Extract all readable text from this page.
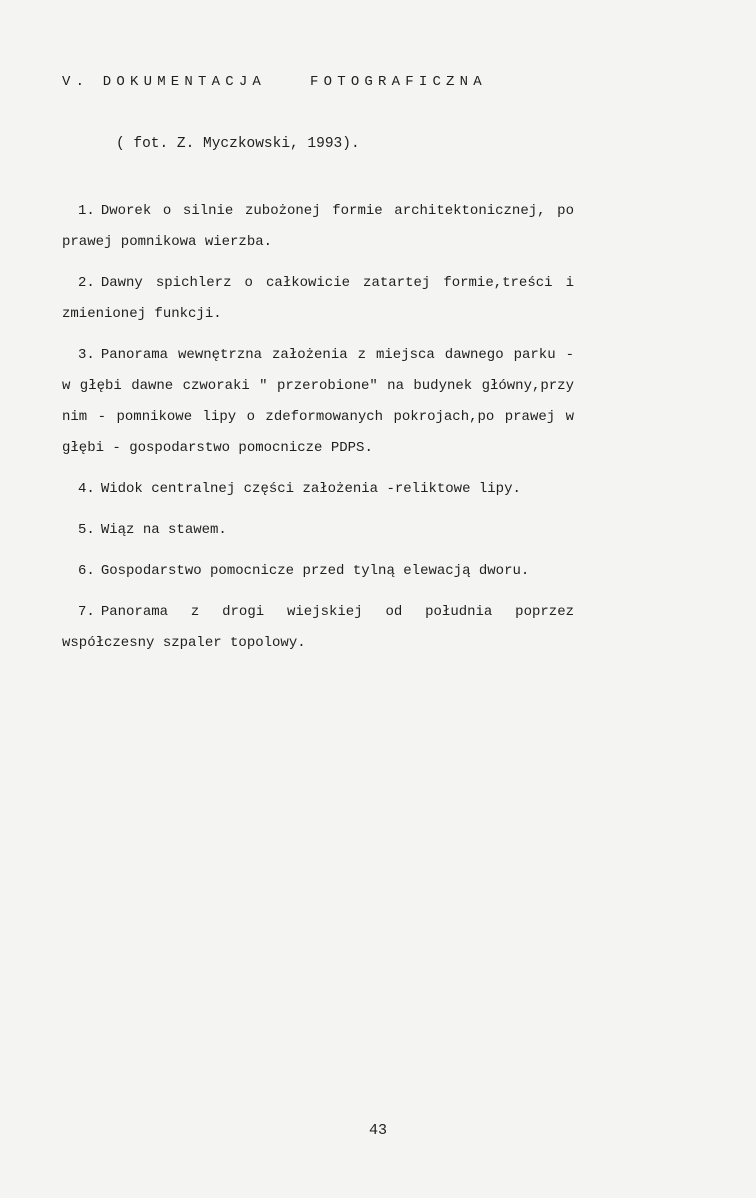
V. DOKUMENTACJA	FOTOGRAFICZNA
( fot. Z. Myczkowski, 1993).

1. Dworek o silnie zubożonej formie architektonicznej, po prawej pomnikowa wierzba.

2. Dawny spichlerz o całkowicie zatartej formie,treści i zmienionej funkcji.

3. Panorama wewnętrzna założenia z miejsca dawnego parku - w głębi dawne czworaki " przerobione" na budynek główny,przy nim - pomnikowe lipy o zdeformowanych pokrojach,po prawej w głębi - gospodarstwo pomocnicze PDPS.

4. Widok centralnej części założenia -reliktowe lipy.

5. Wiąz na stawem.

6. Gospodarstwo pomocnicze przed tylną elewacją dworu.

7. Panorama z drogi wiejskiej od południa poprzez współczesny szpaler topolowy.

43
